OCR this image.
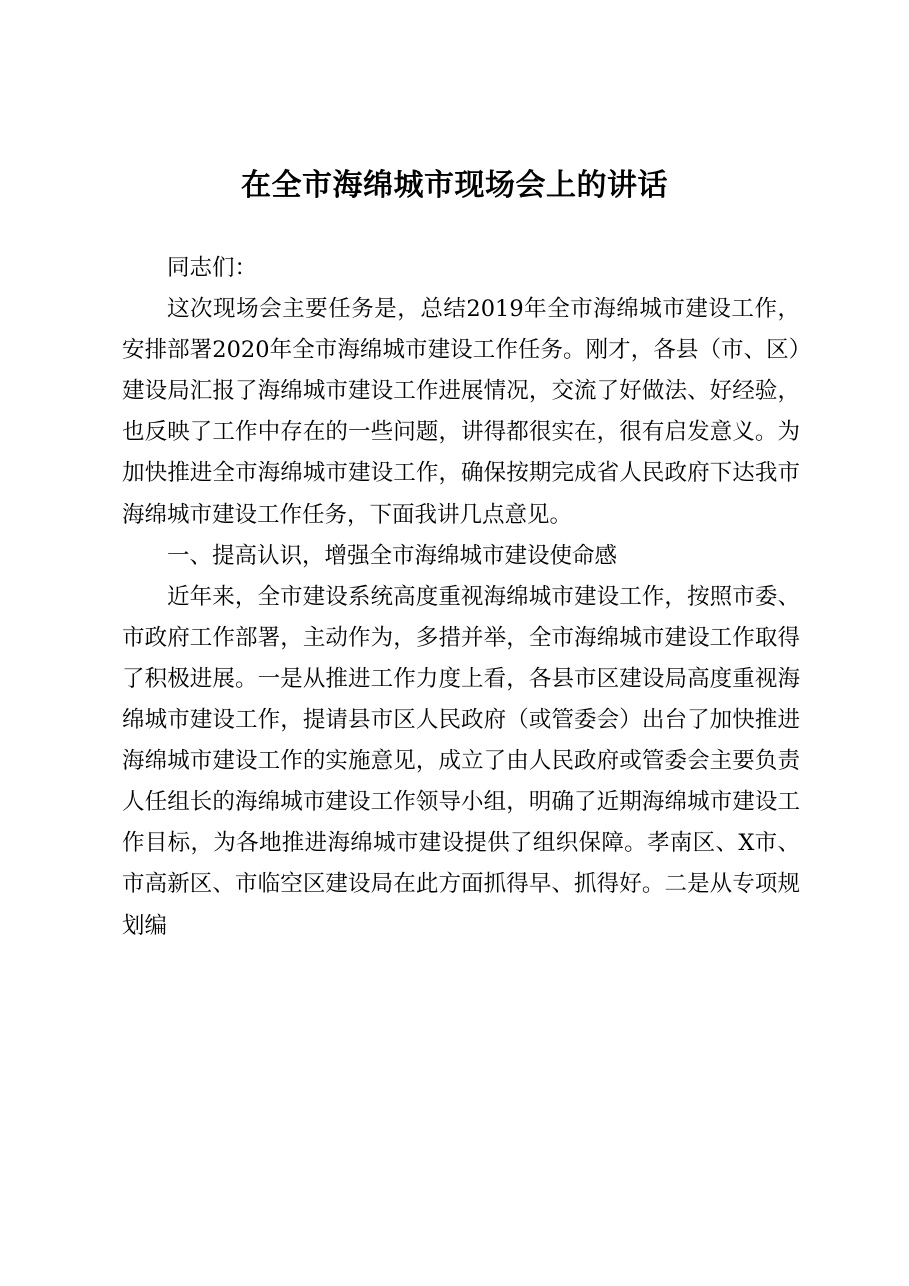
在全市海绵城市现场会上的讲话

同志们：

这次现场会主要任务是，总结2019年全市海绵城市建设工作，安排部署2020年全市海绵城市建设工作任务。刚才，各县（市、区）建设局汇报了海绵城市建设工作进展情况，交流了好做法、好经验，也反映了工作中存在的一些问题，讲得都很实在，很有启发意义。为加快推进全市海绵城市建设工作，确保按期完成省人民政府下达我市海绵城市建设工作任务，下面我讲几点意见。

一、提高认识，增强全市海绵城市建设使命感

近年来，全市建设系统高度重视海绵城市建设工作，按照市委、市政府工作部署，主动作为，多措并举，全市海绵城市建设工作取得了积极进展。一是从推进工作力度上看，各县市区建设局高度重视海绵城市建设工作，提请县市区人民政府（或管委会）出台了加快推进海绵城市建设工作的实施意见，成立了由人民政府或管委会主要负责人任组长的海绵城市建设工作领导小组，明确了近期海绵城市建设工作目标，为各地推进海绵城市建设提供了组织保障。孝南区、X市、市高新区、市临空区建设局在此方面抓得早、抓得好。二是从专项规划编
